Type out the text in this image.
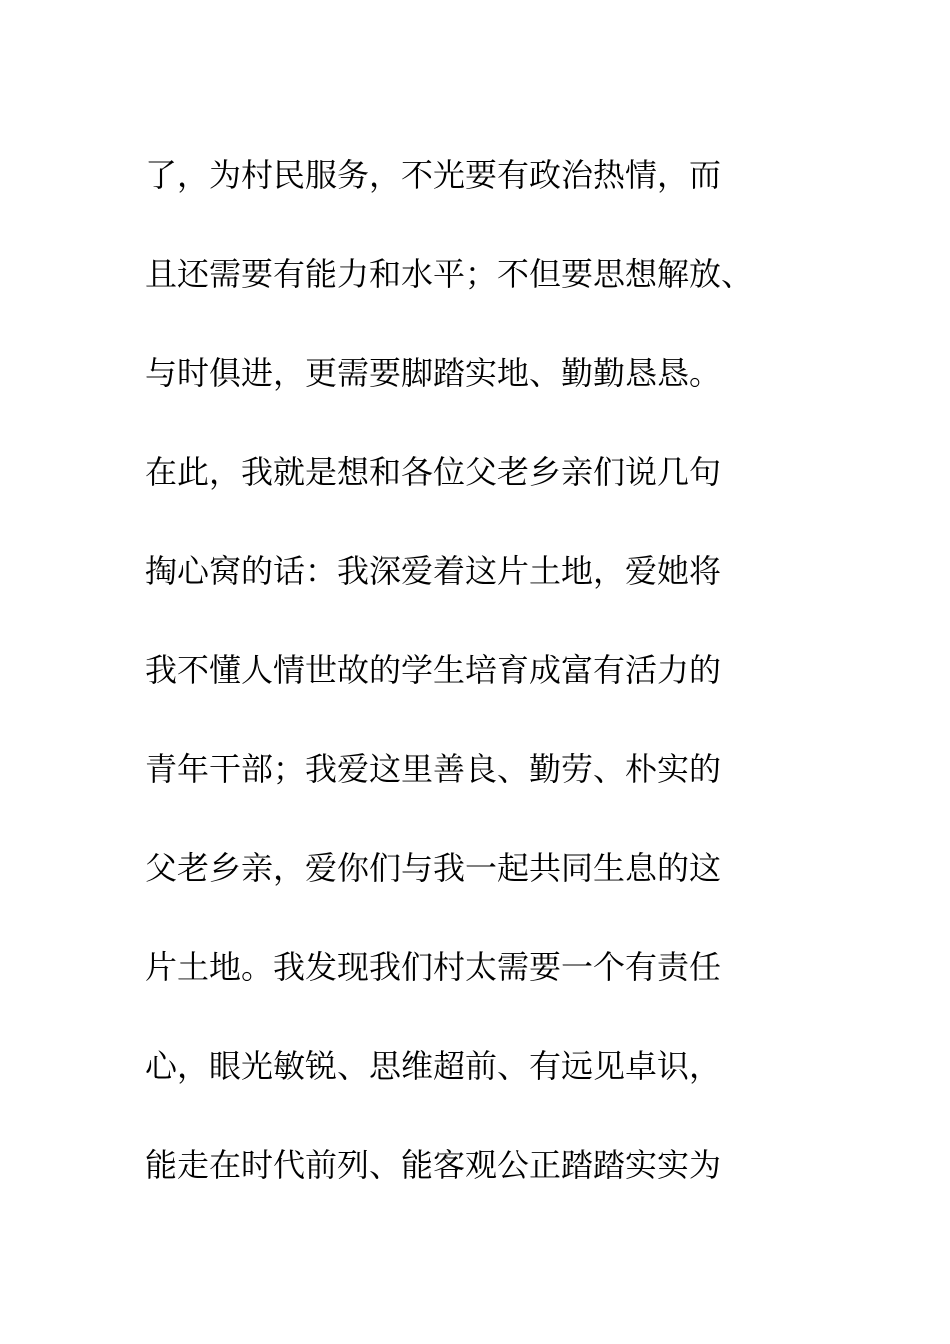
了，为村民服务，不光要有政治热情，而
且还需要有能力和水平；不但要思想解放、
与时俱进，更需要脚踏实地、勤勤恳恳。
在此，我就是想和各位父老乡亲们说几句
掏心窝的话：我深爱着这片土地，爱她将
我不懂人情世故的学生培育成富有活力的
青年干部；我爱这里善良、勤劳、朴实的
父老乡亲，爱你们与我一起共同生息的这
片土地。我发现我们村太需要一个有责任
心，眼光敏锐、思维超前、有远见卓识，
能走在时代前列、能客观公正踏踏实实为
